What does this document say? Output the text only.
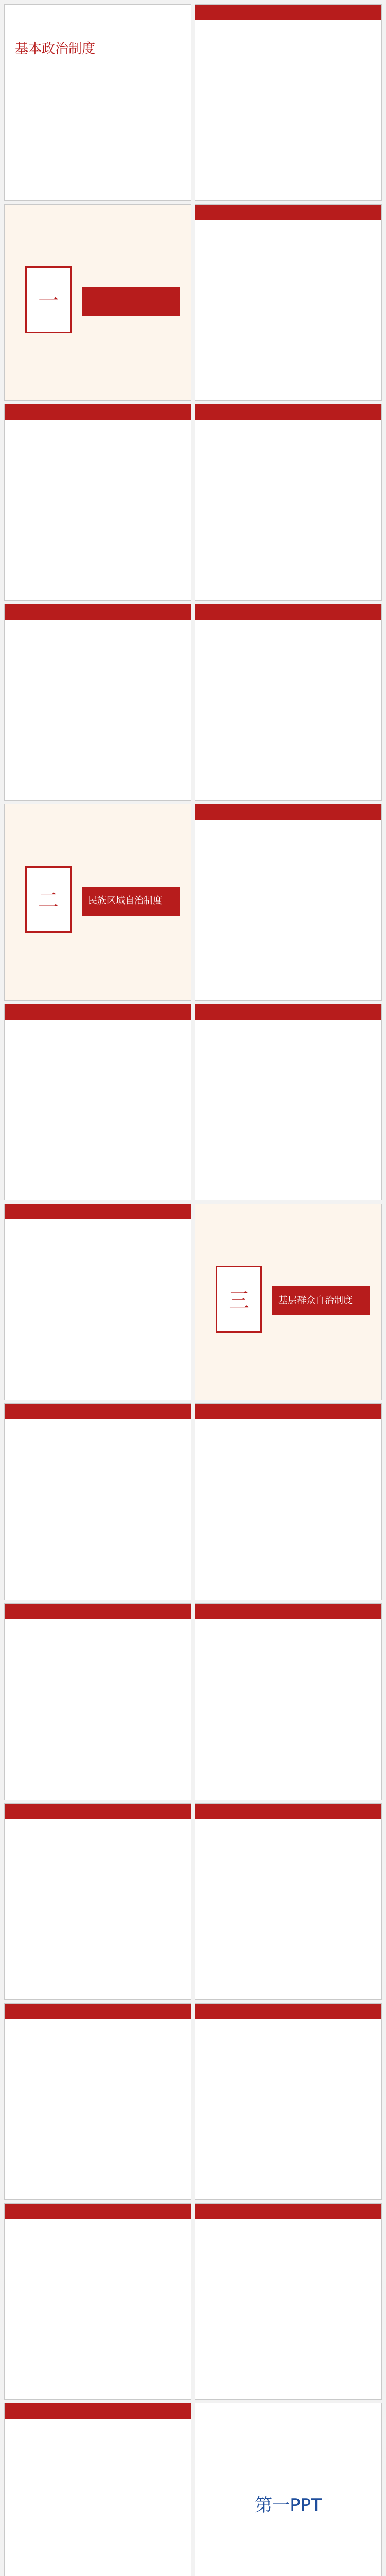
基本政治制度
一
二	民族区域自治制度
三	基层群众自治制度
第一PPT
